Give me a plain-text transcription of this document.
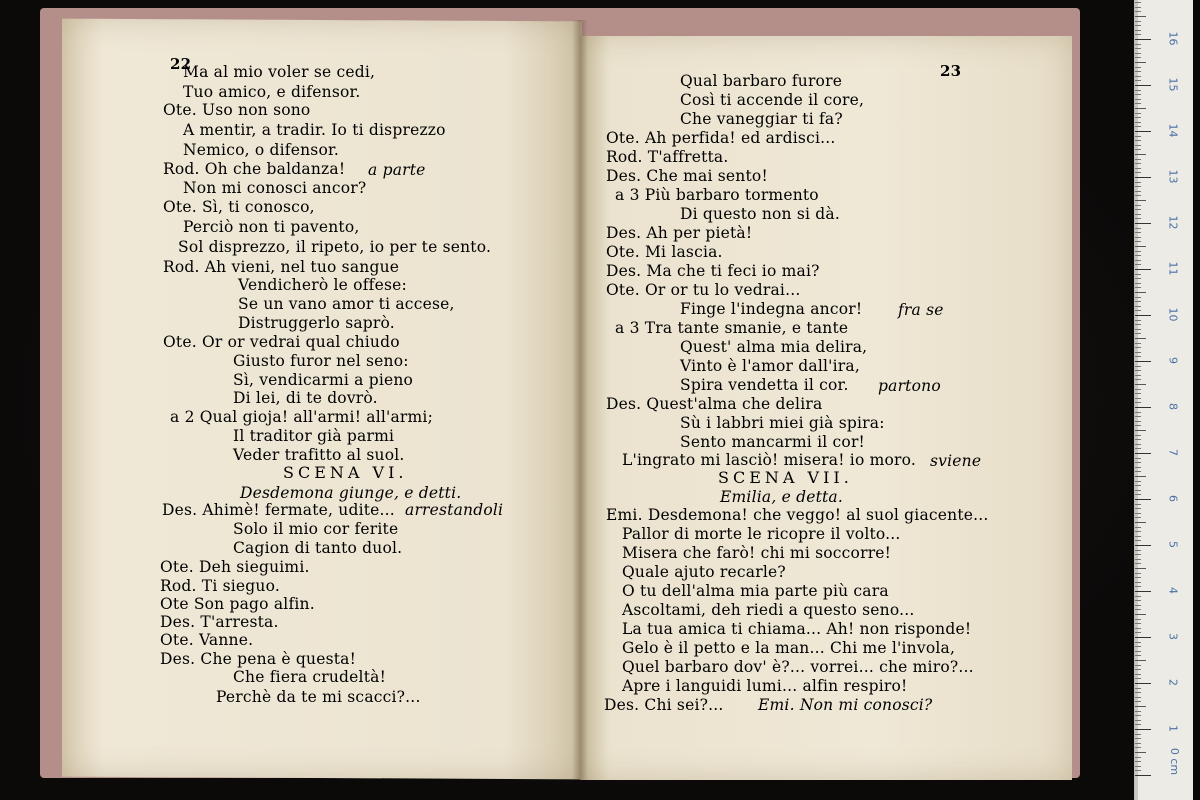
22	23
Ma al mio voler se cedi,
Tuo amico, e difensor.
Ote. Uso non sono
A mentir, a tradir. Io ti disprezzo
Nemico, o difensor.
Rod. Oh che baldanza!
Non mi conosci ancor?
Ote. Sì, ti conosco,
Perciò non ti pavento,
Sol disprezzo, il ripeto, io per te sento.
Rod. Ah vieni, nel tuo sangue
Vendicherò le offese:
Se un vano amor ti accese,
Distruggerlo saprò.
Ote. Or or vedrai qual chiudo
Giusto furor nel seno:
Sì, vendicarmi a pieno
Di lei, di te dovrò.
a 2 Qual gioja! all'armi! all'armi;
Il traditor già parmi
Veder trafitto al suol.
Des. Ahimè! fermate, udite...
Solo il mio cor ferite
Cagion di tanto duol.
Ote. Deh sieguimi.
Rod. Ti sieguo.
Ote Son pago alfin.
Des. T'arresta.
Ote. Vanne.
Des. Che pena è questa!
Che fiera crudeltà!
Perchè da te mi scacci?...
a parte
arrestandoli
Desdemona giunge, e detti.
SCENA VI.
Qual barbaro furore
Così ti accende il core,
Che vaneggiar ti fa?
Ote. Ah perfida! ed ardisci...
Rod. T'affretta.
Des. Che mai sento!
a 3 Più barbaro tormento
Di questo non si dà.
Des. Ah per pietà!
Ote. Mi lascia.
Des. Ma che ti feci io mai?
Ote. Or or tu lo vedrai...
Finge l'indegna ancor!
a 3 Tra tante smanie, e tante
Quest' alma mia delira,
Vinto è l'amor dall'ira,
Spira vendetta il cor.
Des. Quest'alma che delira
Sù i labbri miei già spira:
Sento mancarmi il cor!
L'ingrato mi lasciò! misera! io moro.
Emi. Desdemona! che veggo! al suol giacente...
Pallor di morte le ricopre il volto...
Misera che farò! chi mi soccorre!
Quale ajuto recarle?
O tu dell'alma mia parte più cara
Ascoltami, deh riedi a questo seno...
La tua amica ti chiama... Ah! non risponde!
Gelo è il petto e la man... Chi me l'invola,
Quel barbaro dov' è?... vorrei... che miro?...
Apre i languidi lumi... alfin respiro!
Des. Chi sei?...
fra se
partono
sviene
Emilia, e detta.
Emi. Non mi conosci?
SCENA VII.
1
2
3
4
5
6
7
8
9
10
11
12
13
14
15
16
0 cm
